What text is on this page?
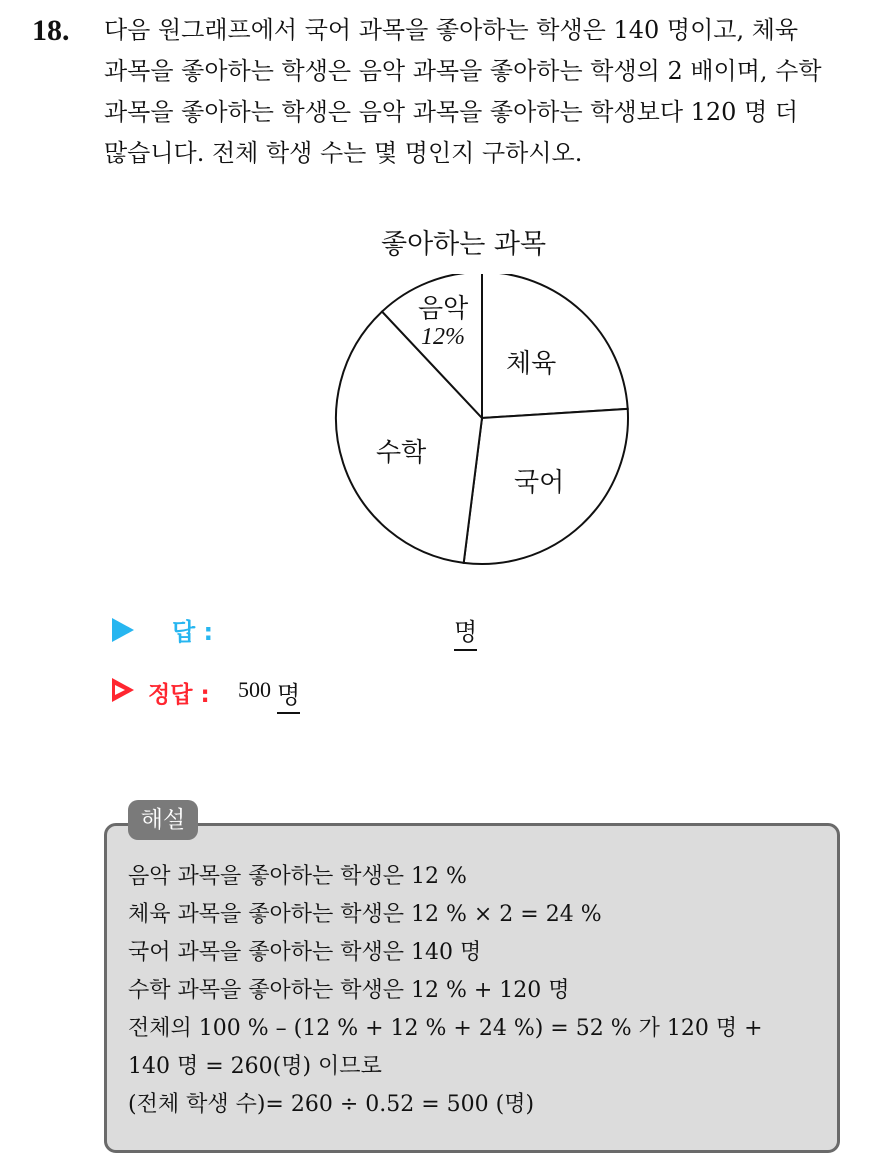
18. 다음 원그래프에서 국어 과목을 좋아하는 학생은 140 명이고, 체육
과목을 좋아하는 학생은 음악 과목을 좋아하는 학생의 2 배이며, 수학
과목을 좋아하는 학생은 음악 과목을 좋아하는 학생보다 120 명 더
많습니다. 전체 학생 수는 몇 명인지 구하시오.
좋아하는 과목
체육
국어
수학
음악
12%
답 :	명
정답 : 500 명
해설
음악 과목을 좋아하는 학생은 12 %
체육 과목을 좋아하는 학생은 12 % × 2 = 24 %
국어 과목을 좋아하는 학생은 140 명
수학 과목을 좋아하는 학생은 12 % + 120 명
전체의 100 % – (12 % + 12 % + 24 %) = 52 % 가 120 명 +
140 명 = 260(명) 이므로
(전체 학생 수)= 260 ÷ 0.52 = 500 (명)
